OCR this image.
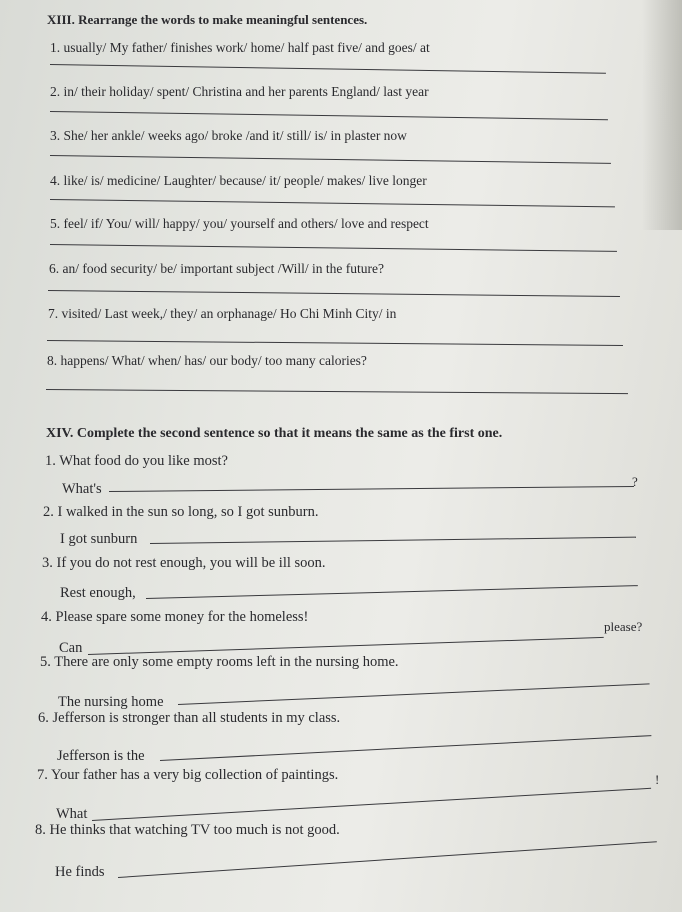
XIII. Rearrange the words to make meaningful sentences.
1. usually/ My father/ finishes work/ home/ half past five/ and goes/ at
2. in/ their holiday/ spent/ Christina and her parents England/ last year
3. She/ her ankle/ weeks ago/ broke /and it/ still/ is/ in plaster now
4. like/ is/ medicine/ Laughter/ because/ it/ people/ makes/ live longer
5. feel/ if/ You/ will/ happy/ you/ yourself and others/ love and respect
6. an/ food security/ be/ important subject /Will/ in the future?
7. visited/ Last week,/ they/ an orphanage/ Ho Chi Minh City/ in
8. happens/ What/ when/ has/ our body/ too many calories?
XIV. Complete the second sentence so that it means the same as the first one.
1. What food do you like most?
What's	?
2. I walked in the sun so long, so I got sunburn.
I got sunburn
3. If you do not rest enough, you will be ill soon.
Rest enough,
4. Please spare some money for the homeless!
Can
please?
5. There are only some empty rooms left in the nursing home.
The nursing home
6. Jefferson is stronger than all students in my class.
Jefferson is the
7. Your father has a very big collection of paintings.
What
!
8. He thinks that watching TV too much is not good.
He finds
